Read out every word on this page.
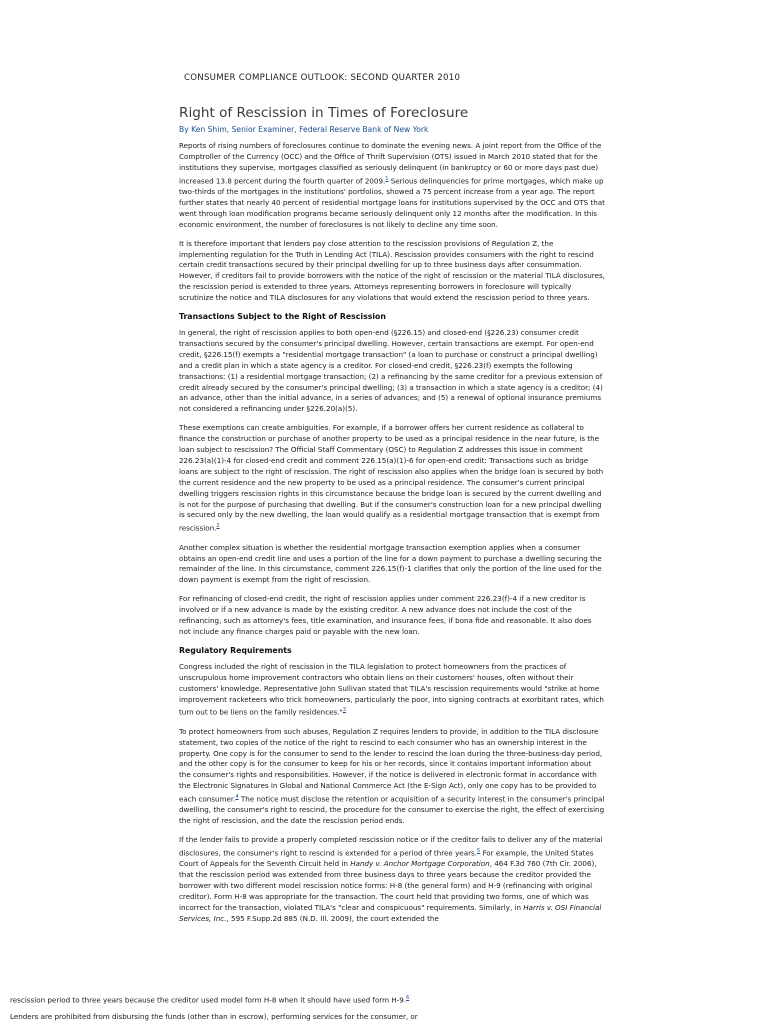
CONSUMER COMPLIANCE OUTLOOK: SECOND QUARTER 2010
Right of Rescission in Times of Foreclosure
By Ken Shim, Senior Examiner, Federal Reserve Bank of New York

Reports of rising numbers of foreclosures continue to dominate the evening news. A joint report from the Office of the Comptroller of the Currency (OCC) and the Office of Thrift Supervision (OTS) issued in March 2010 stated that for the institutions they supervise, mortgages classified as seriously delinquent (in bankruptcy or 60 or more days past due) increased 13.8 percent during the fourth quarter of 2009.$^1$ Serious delinquencies for prime mortgages, which make up two-thirds of the mortgages in the institutions' portfolios, showed a 75 percent increase from a year ago. The report further states that nearly 40 percent of residential mortgage loans for institutions supervised by the OCC and OTS that went through loan modification programs became seriously delinquent only 12 months after the modification. In this economic environment, the number of foreclosures is not likely to decline any time soon.

It is therefore important that lenders pay close attention to the rescission provisions of Regulation Z, the implementing regulation for the Truth in Lending Act (TILA). Rescission provides consumers with the right to rescind certain credit transactions secured by their principal dwelling for up to three business days after consummation. However, if creditors fail to provide borrowers with the notice of the right of rescission or the material TILA disclosures, the rescission period is extended to three years. Attorneys representing borrowers in foreclosure will typically scrutinize the notice and TILA disclosures for any violations that would extend the rescission period to three years.

Transactions Subject to the Right of Rescission

In general, the right of rescission applies to both open-end (§226.15) and closed-end (§226.23) consumer credit transactions secured by the consumer's principal dwelling. However, certain transactions are exempt. For open-end credit, §226.15(f) exempts a "residential mortgage transaction" (a loan to purchase or construct a principal dwelling) and a credit plan in which a state agency is a creditor. For closed-end credit, §226.23(f) exempts the following transactions: (1) a residential mortgage transaction; (2) a refinancing by the same creditor for a previous extension of credit already secured by the consumer's principal dwelling; (3) a transaction in which a state agency is a creditor; (4) an advance, other than the initial advance, in a series of advances; and (5) a renewal of optional insurance premiums not considered a refinancing under §226.20(a)(5).

These exemptions can create ambiguities. For example, if a borrower offers her current residence as collateral to finance the construction or purchase of another property to be used as a principal residence in the near future, is the loan subject to rescission? The Official Staff Commentary (OSC) to Regulation Z addresses this issue in comment 226.23(a)(1)-4 for closed-end credit and comment 226.15(a)(1)-6 for open-end credit: Transactions such as bridge loans are subject to the right of rescission. The right of rescission also applies when the bridge loan is secured by both the current residence and the new property to be used as a principal residence. The consumer's current principal dwelling triggers rescission rights in this circumstance because the bridge loan is secured by the current dwelling and is not for the purpose of purchasing that dwelling. But if the consumer's construction loan for a new principal dwelling is secured only by the new dwelling, the loan would qualify as a residential mortgage transaction that is exempt from rescission.$^2$

Another complex situation is whether the residential mortgage transaction exemption applies when a consumer obtains an open-end credit line and uses a portion of the line for a down payment to purchase a dwelling securing the remainder of the line. In this circumstance, comment 226.15(f)-1 clarifies that only the portion of the line used for the down payment is exempt from the right of rescission.

For refinancing of closed-end credit, the right of rescission applies under comment 226.23(f)-4 if a new creditor is involved or if a new advance is made by the existing creditor. A new advance does not include the cost of the refinancing, such as attorney's fees, title examination, and insurance fees, if bona fide and reasonable. It also does not include any finance charges paid or payable with the new loan.

Regulatory Requirements

Congress included the right of rescission in the TILA legislation to protect homeowners from the practices of unscrupulous home improvement contractors who obtain liens on their customers' houses, often without their customers' knowledge. Representative John Sullivan stated that TILA's rescission requirements would "strike at home improvement racketeers who trick homeowners, particularly the poor, into signing contracts at exorbitant rates, which turn out to be liens on the family residences."$^3$

To protect homeowners from such abuses, Regulation Z requires lenders to provide, in addition to the TILA disclosure statement, two copies of the notice of the right to rescind to each consumer who has an ownership interest in the property. One copy is for the consumer to send to the lender to rescind the loan during the three-business-day period, and the other copy is for the consumer to keep for his or her records, since it contains important information about the consumer's rights and responsibilities. However, if the notice is delivered in electronic format in accordance with the Electronic Signatures in Global and National Commerce Act (the E-Sign Act), only one copy has to be provided to each consumer.$^4$ The notice must disclose the retention or acquisition of a security interest in the consumer's principal dwelling, the consumer's right to rescind, the procedure for the consumer to exercise the right, the effect of exercising the right of rescission, and the date the rescission period ends.

If the lender fails to provide a properly completed rescission notice or if the creditor fails to deliver any of the material disclosures, the consumer's right to rescind is extended for a period of three years.$^5$ For example, the United States Court of Appeals for the Seventh Circuit held in Handy v. Anchor Mortgage Corporation, 464 F.3d 760 (7th Cir. 2006), that the rescission period was extended from three business days to three years because the creditor provided the borrower with two different model rescission notice forms: H-8 (the general form) and H-9 (refinancing with original creditor). Form H-8 was appropriate for the transaction. The court held that providing two forms, one of which was incorrect for the transaction, violated TILA's "clear and conspicuous" requirements. Similarly, in Harris v. OSI Financial Services, Inc., 595 F.Supp.2d 885 (N.D. Ill. 2009), the court extended the

rescission period to three years because the creditor used model form H-8 when it should have used form H-9.$^6$
Lenders are prohibited from disbursing the funds (other than in escrow), performing services for the consumer, or
